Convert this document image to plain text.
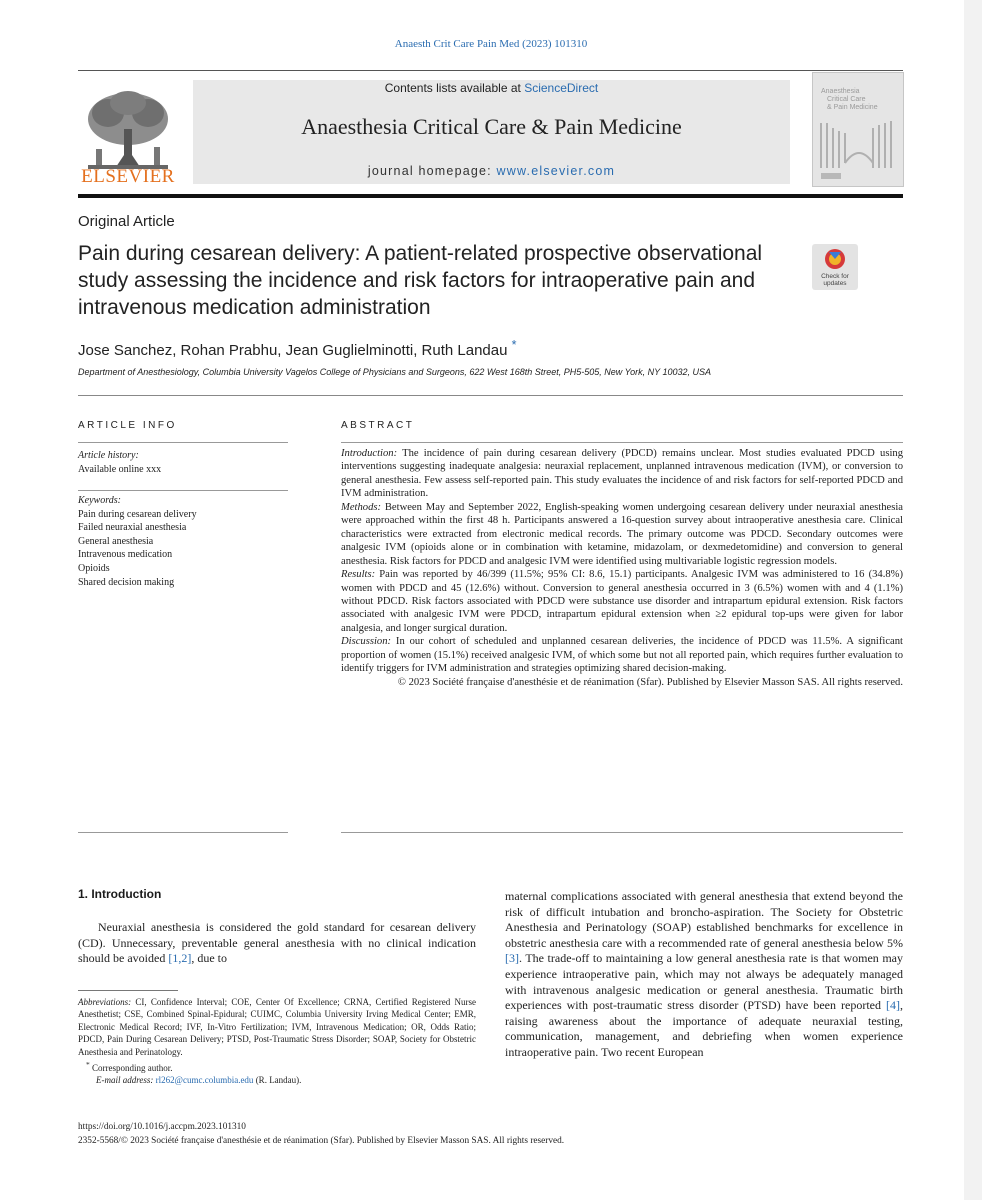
Anaesth Crit Care Pain Med (2023) 101310
ELSEVIER
Contents lists available at ScienceDirect
Anaesthesia Critical Care & Pain Medicine
journal homepage: www.elsevier.com
Anaesthesia Critical Care & Pain Medicine
Original Article
Pain during cesarean delivery: A patient-related prospective observational study assessing the incidence and risk factors for intraoperative pain and intravenous medication administration
Check for
updates
Jose Sanchez, Rohan Prabhu, Jean Guglielminotti, Ruth Landau *
Department of Anesthesiology, Columbia University Vagelos College of Physicians and Surgeons, 622 West 168th Street, PH5-505, New York, NY 10032, USA
ARTICLE INFO	ABSTRACT
Article history:
Available online xxx
Keywords:
Pain during cesarean delivery
Failed neuraxial anesthesia
General anesthesia
Intravenous medication
Opioids
Shared decision making

Introduction: The incidence of pain during cesarean delivery (PDCD) remains unclear. Most studies evaluated PDCD using interventions suggesting inadequate analgesia: neuraxial replacement, unplanned intravenous medication (IVM), or conversion to general anesthesia. Few assess self-reported pain. This study evaluates the incidence of and risk factors for self-reported PDCD and IVM administration.

Methods: Between May and September 2022, English-speaking women undergoing cesarean delivery under neuraxial anesthesia were approached within the first 48 h. Participants answered a 16-question survey about intraoperative anesthesia care. Clinical characteristics were extracted from electronic medical records. The primary outcome was PDCD. Secondary outcomes were analgesic IVM (opioids alone or in combination with ketamine, midazolam, or dexmedetomidine) and conversion to general anesthesia. Risk factors for PDCD and analgesic IVM were identified using multivariable logistic regression models.

Results: Pain was reported by 46/399 (11.5%; 95% CI: 8.6, 15.1) participants. Analgesic IVM was administered to 16 (34.8%) women with PDCD and 45 (12.6%) without. Conversion to general anesthesia occurred in 3 (6.5%) women with and 4 (1.1%) without PDCD. Risk factors associated with PDCD were substance use disorder and intrapartum epidural extension. Risk factors associated with analgesic IVM were PDCD, intrapartum epidural extension when ≥2 epidural top-ups were given for labor analgesia, and longer surgical duration.

Discussion: In our cohort of scheduled and unplanned cesarean deliveries, the incidence of PDCD was 11.5%. A significant proportion of women (15.1%) received analgesic IVM, of which some but not all reported pain, which requires further evaluation to identify triggers for IVM administration and strategies optimizing shared decision-making.

© 2023 Société française d'anesthésie et de réanimation (Sfar). Published by Elsevier Masson SAS. All rights reserved.

1. Introduction

Neuraxial anesthesia is considered the gold standard for cesarean delivery (CD). Unnecessary, preventable general anesthesia with no clinical indication should be avoided [1,2], due to

Abbreviations: CI, Confidence Interval; COE, Center Of Excellence; CRNA, Certified Registered Nurse Anesthetist; CSE, Combined Spinal-Epidural; CUIMC, Columbia University Irving Medical Center; EMR, Electronic Medical Record; IVF, In-Vitro Fertilization; IVM, Intravenous Medication; OR, Odds Ratio; PDCD, Pain During Cesarean Delivery; PTSD, Post-Traumatic Stress Disorder; SOAP, Society for Obstetric Anesthesia and Perinatology.
* Corresponding author.
E-mail address: rl262@cumc.columbia.edu (R. Landau).

maternal complications associated with general anesthesia that extend beyond the risk of difficult intubation and broncho-aspiration. The Society for Obstetric Anesthesia and Perinatology (SOAP) established benchmarks for excellence in obstetric anesthesia care with a recommended rate of general anesthesia below 5% [3]. The trade-off to maintaining a low general anesthesia rate is that women may experience intraoperative pain, which may not always be adequately managed with intravenous analgesic medication or general anesthesia. Traumatic birth experiences with post-traumatic stress disorder (PTSD) have been reported [4], raising awareness about the importance of adequate neuraxial testing, communication, management, and debriefing when women experience intraoperative pain. Two recent European

https://doi.org/10.1016/j.accpm.2023.101310
2352-5568/© 2023 Société française d'anesthésie et de réanimation (Sfar). Published by Elsevier Masson SAS. All rights reserved.
